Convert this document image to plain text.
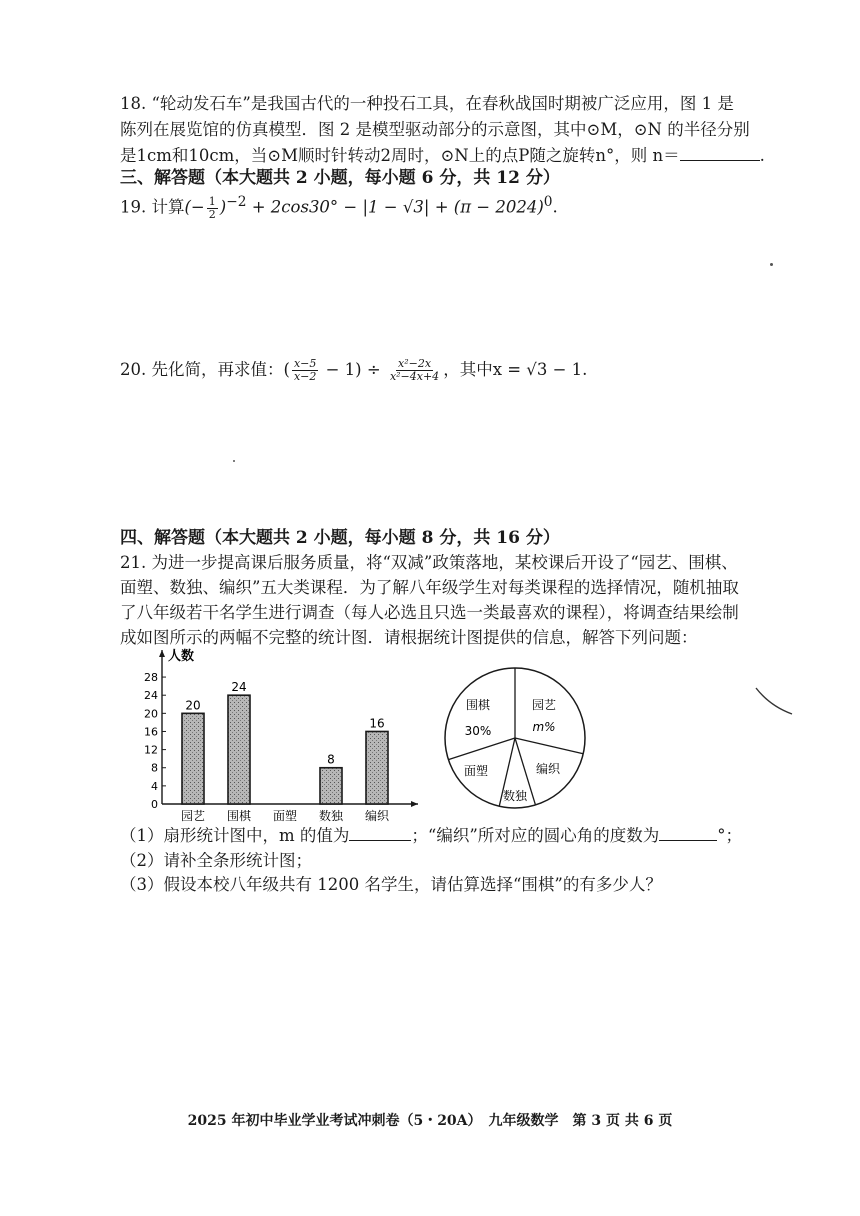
18. “轮动发石车”是我国古代的一种投石工具，在春秋战国时期被广泛应用，图 1 是
陈列在展览馆的仿真模型．图 2 是模型驱动部分的示意图，其中⊙M，⊙N 的半径分别
是1cm和10cm，当⊙M顺时针转动2周时，⊙N上的点P随之旋转n°，则 n＝	.
三、解答题（本大题共 2 小题，每小题 6 分，共 12 分）
19. 计算(− $\frac{1}{2} )^{-2} + 2\cos 30^\circ - |1 - √3| + (\pi - 2024)^0$.
20. 先化简，再求值：( $\frac{x-5}{x-2} - 1) \div \frac{\text{x²−2x}}{\text{x²−4x+4}}$ ，其中x = √3 − 1.
四、解答题（本大题共 2 小题，每小题 8 分，共 16 分）
21. 为进一步提高课后服务质量，将“双减”政策落地，某校课后开设了“园艺、围棋、
面塑、数独、编织”五大类课程．为了解八年级学生对每类课程的选择情况，随机抽取
了八年级若干名学生进行调查（每人必选且只选一类最喜欢的课程），将调查结果绘制
成如图所示的两幅不完整的统计图．请根据统计图提供的信息，解答下列问题：
人数
0
4
8
12
16
20
24
28
园艺
20
围棋
24
面塑 数独
8
编织
16
围棋
30%
园艺
m%
编织
数独
面塑
（1）扇形统计图中，m 的值为	；“编织”所对应的圆心角的度数为	°；
（2）请补全条形统计图；
（3）假设本校八年级共有 1200 名学生，请估算选择“围棋”的有多少人？
2025 年初中毕业学业考试冲刺卷（5・20A）　九年级数学　第 3 页 共 6 页
